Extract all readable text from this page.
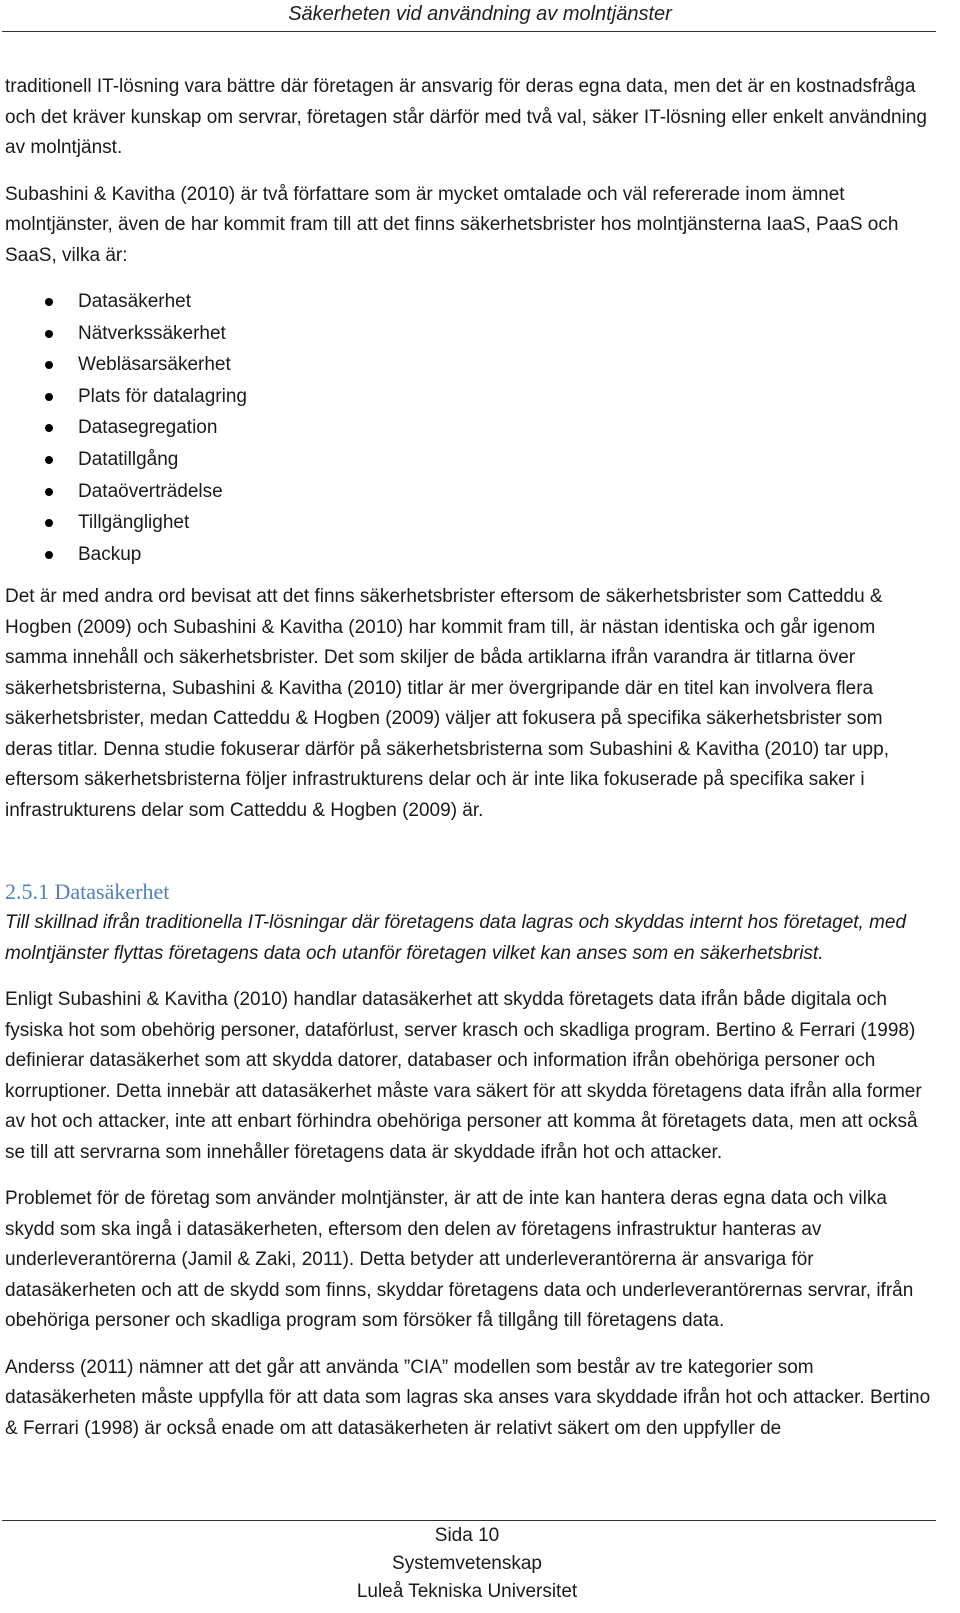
Säkerheten vid användning av molntjänster

traditionell IT-lösning vara bättre där företagen är ansvarig för deras egna data, men det är en kostnadsfråga och det kräver kunskap om servrar, företagen står därför med två val, säker IT-lösning eller enkelt användning av molntjänst.

Subashini & Kavitha (2010) är två författare som är mycket omtalade och väl refererade inom ämnet molntjänster, även de har kommit fram till att det finns säkerhetsbrister hos molntjänsterna IaaS, PaaS och SaaS, vilka är:

Datasäkerhet
Nätverkssäkerhet
Webläsarsäkerhet
Plats för datalagring
Datasegregation
Datatillgång
Dataöverträdelse
Tillgänglighet
Backup

Det är med andra ord bevisat att det finns säkerhetsbrister eftersom de säkerhetsbrister som Catteddu & Hogben (2009) och Subashini & Kavitha (2010) har kommit fram till, är nästan identiska och går igenom samma innehåll och säkerhetsbrister. Det som skiljer de båda artiklarna ifrån varandra är titlarna över säkerhetsbristerna, Subashini & Kavitha (2010) titlar är mer övergripande där en titel kan involvera flera säkerhetsbrister, medan Catteddu & Hogben (2009) väljer att fokusera på specifika säkerhetsbrister som deras titlar. Denna studie fokuserar därför på säkerhetsbristerna som Subashini & Kavitha (2010) tar upp, eftersom säkerhetsbristerna följer infrastrukturens delar och är inte lika fokuserade på specifika saker i infrastrukturens delar som Catteddu & Hogben (2009) är.

2.5.1 Datasäkerhet

Till skillnad ifrån traditionella IT-lösningar där företagens data lagras och skyddas internt hos företaget, med molntjänster flyttas företagens data och utanför företagen vilket kan anses som en säkerhetsbrist.

Enligt Subashini & Kavitha (2010) handlar datasäkerhet att skydda företagets data ifrån både digitala och fysiska hot som obehörig personer, dataförlust, server krasch och skadliga program. Bertino & Ferrari (1998) definierar datasäkerhet som att skydda datorer, databaser och information ifrån obehöriga personer och korruptioner. Detta innebär att datasäkerhet måste vara säkert för att skydda företagens data ifrån alla former av hot och attacker, inte att enbart förhindra obehöriga personer att komma åt företagets data, men att också se till att servrarna som innehåller företagens data är skyddade ifrån hot och attacker.

Problemet för de företag som använder molntjänster, är att de inte kan hantera deras egna data och vilka skydd som ska ingå i datasäkerheten, eftersom den delen av företagens infrastruktur hanteras av underleverantörerna (Jamil & Zaki, 2011). Detta betyder att underleverantörerna är ansvariga för datasäkerheten och att de skydd som finns, skyddar företagens data och underleverantörernas servrar, ifrån obehöriga personer och skadliga program som försöker få tillgång till företagens data.

Anderss (2011) nämner att det går att använda ”CIA” modellen som består av tre kategorier som datasäkerheten måste uppfylla för att data som lagras ska anses vara skyddade ifrån hot och attacker. Bertino & Ferrari (1998) är också enade om att datasäkerheten är relativt säkert om den uppfyller de

Sida 10
Systemvetenskap
Luleå Tekniska Universitet
